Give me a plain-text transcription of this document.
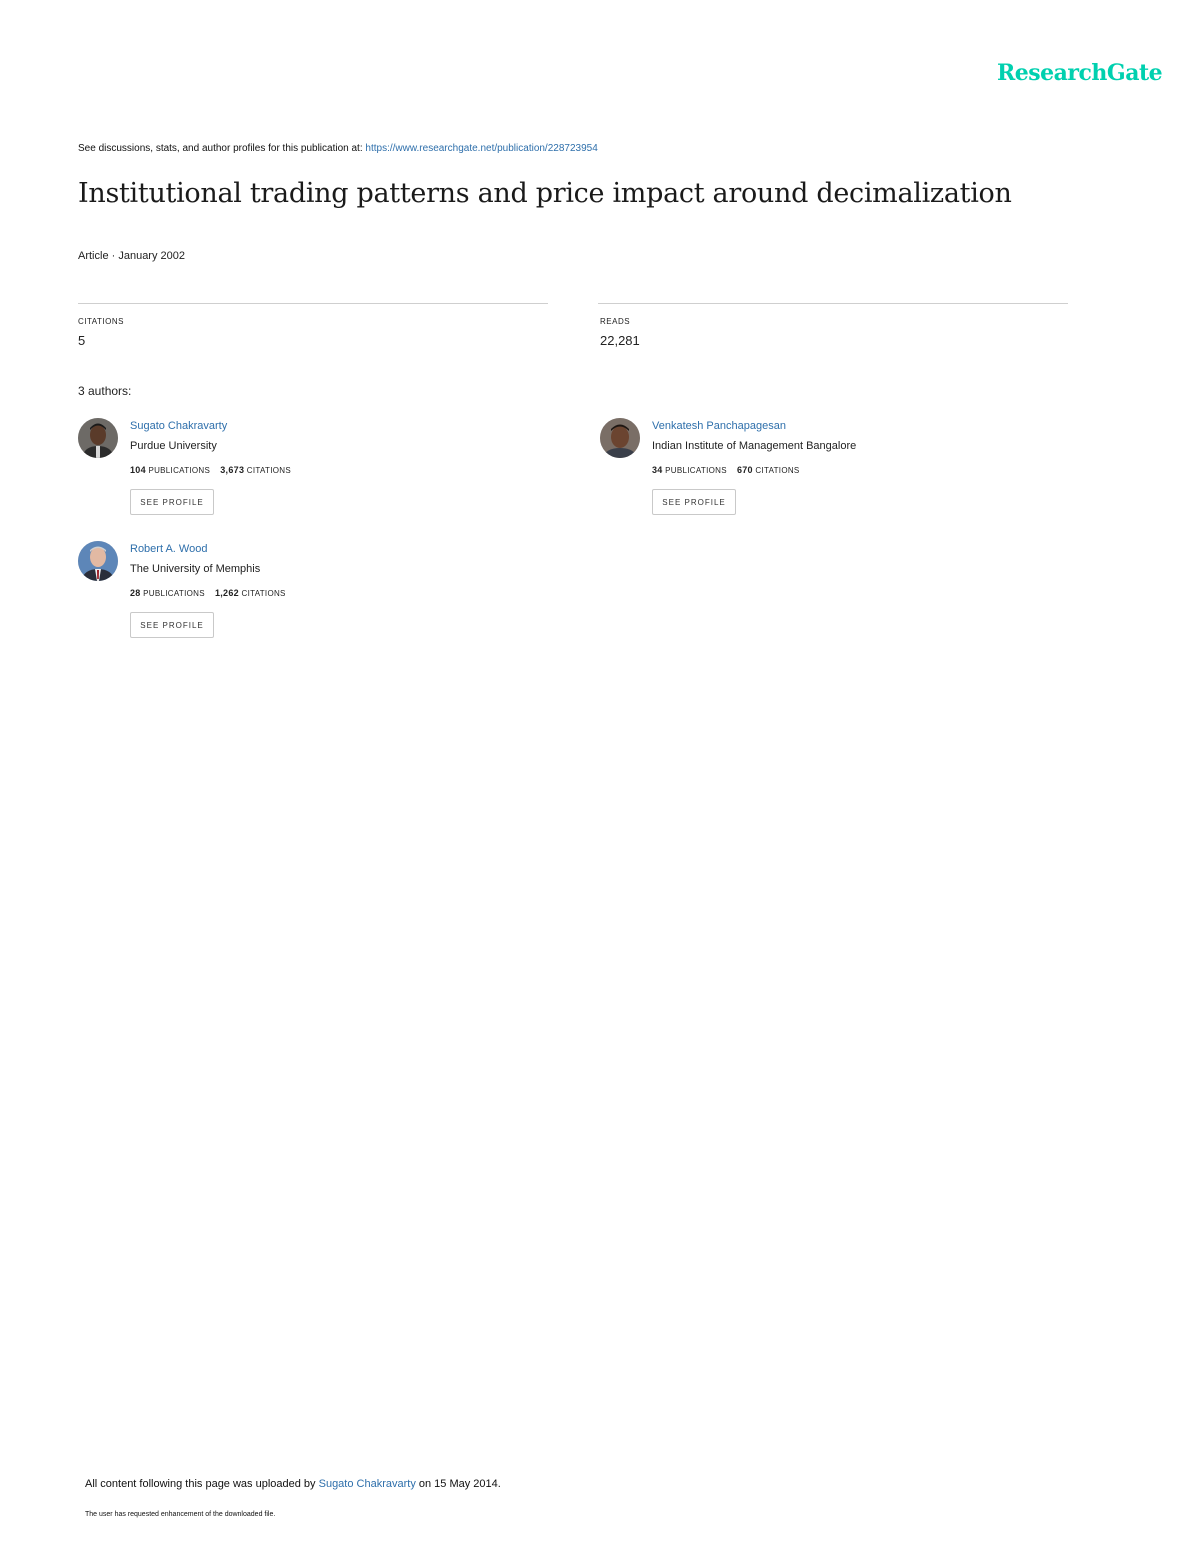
ResearchGate
See discussions, stats, and author profiles for this publication at: https://www.researchgate.net/publication/228723954
Institutional trading patterns and price impact around decimalization
Article · January 2002
CITATIONS
5
READS
22,281
3 authors:
Sugato Chakravarty
Purdue University
104 PUBLICATIONS 3,673 CITATIONS
SEE PROFILE
Venkatesh Panchapagesan
Indian Institute of Management Bangalore
34 PUBLICATIONS 670 CITATIONS
SEE PROFILE
Robert A. Wood
The University of Memphis
28 PUBLICATIONS 1,262 CITATIONS
SEE PROFILE
All content following this page was uploaded by Sugato Chakravarty on 15 May 2014.
The user has requested enhancement of the downloaded file.
